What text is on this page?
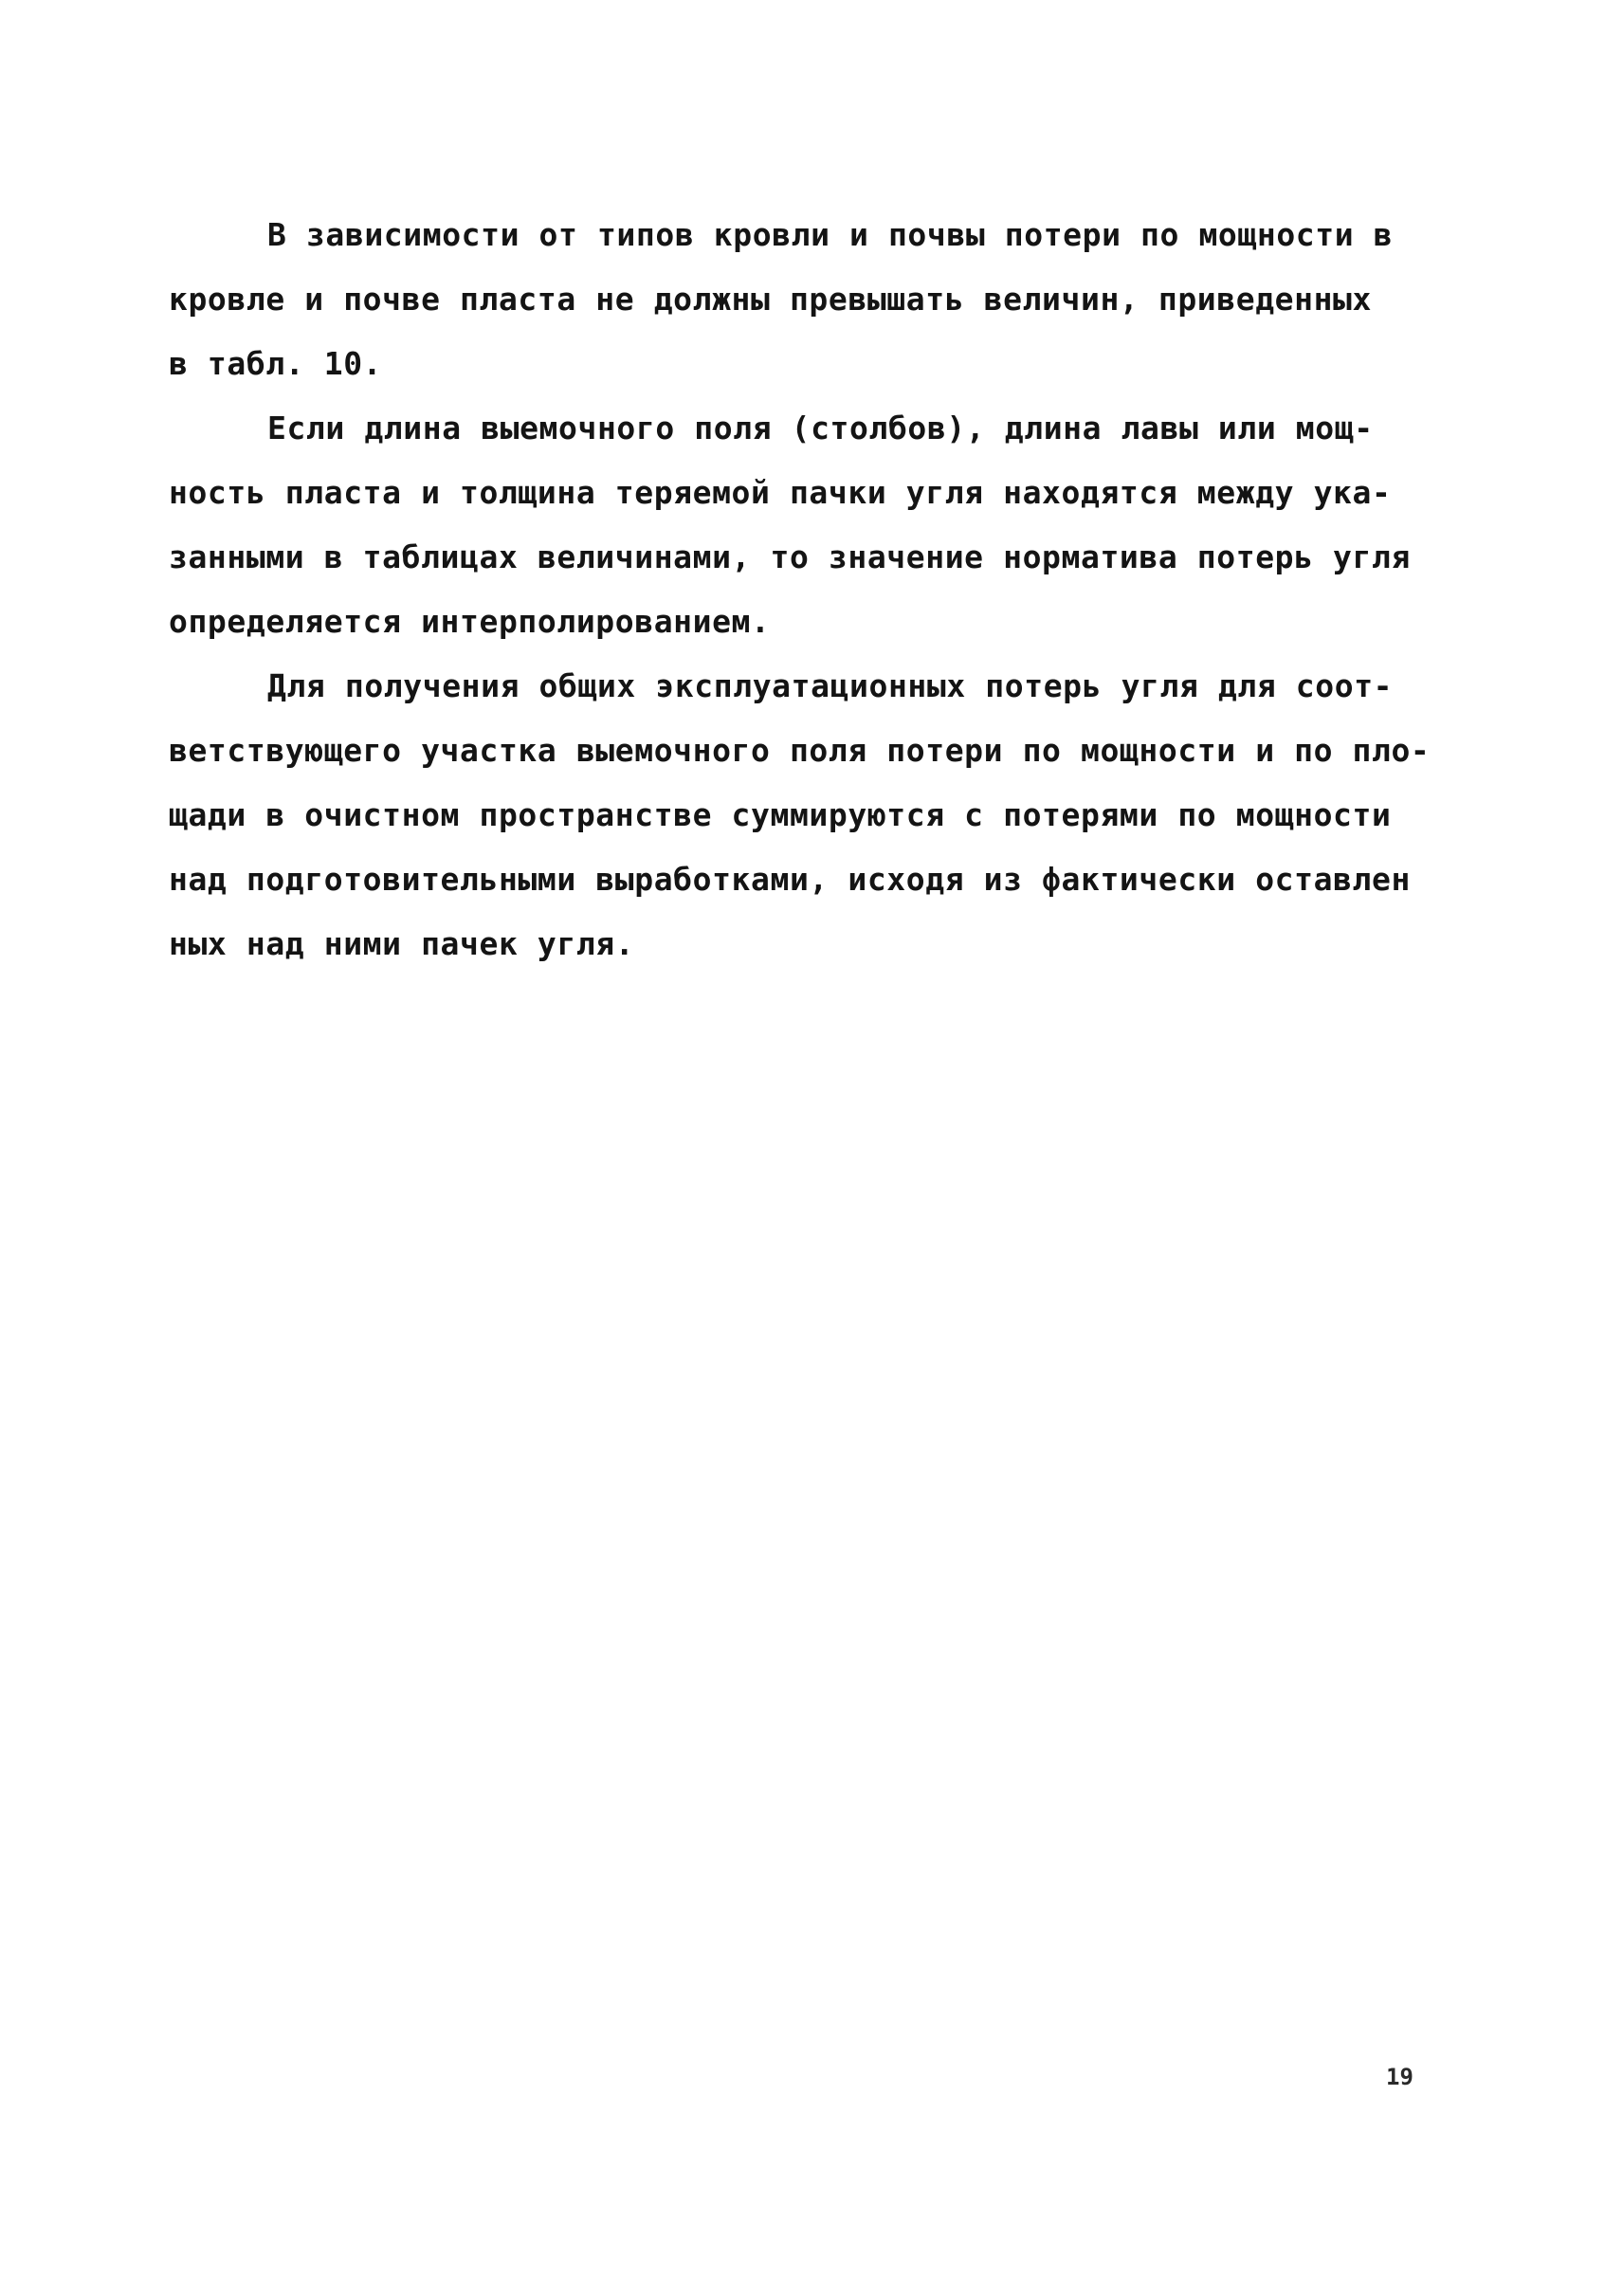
В зависимости от типов кровли и почвы потери по мощности в
кровле и почве пласта не должны превышать величин, приведенных
в табл. 10.
Если длина выемочного поля (столбов), длина лавы или мощ-
ность пласта и толщина теряемой пачки угля находятся между ука-
занными в таблицах величинами, то значение норматива потерь угля
определяется интерполированием.
Для получения общих эксплуатационных потерь угля для соот-
ветствующего участка выемочного поля потери по мощности и по пло-
щади в очистном пространстве суммируются с потерями по мощности
над подготовительными выработками, исходя из фактически оставлен
ных над ними пачек угля.
19
